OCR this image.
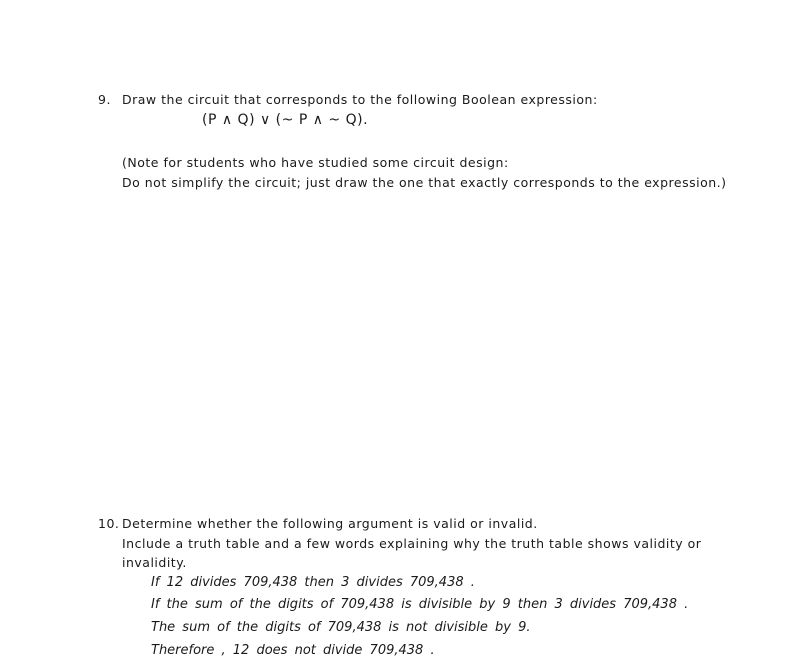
9. Draw the circuit that corresponds to the following Boolean expression:
(P ∧ Q) ∨ (~ P ∧ ~ Q).
(Note for students who have studied some circuit design:
Do not simplify the circuit; just draw the one that exactly corresponds to the expression.)
10. Determine whether the following argument is valid or invalid.
Include a truth table and a few words explaining why the truth table shows validity or
invalidity.
If 12 divides 709,438 then 3 divides 709,438 .
If the sum of the digits of 709,438 is divisible by 9 then 3 divides 709,438 .
The sum of the digits of 709,438 is not divisible by 9.
Therefore , 12 does not divide 709,438 .
